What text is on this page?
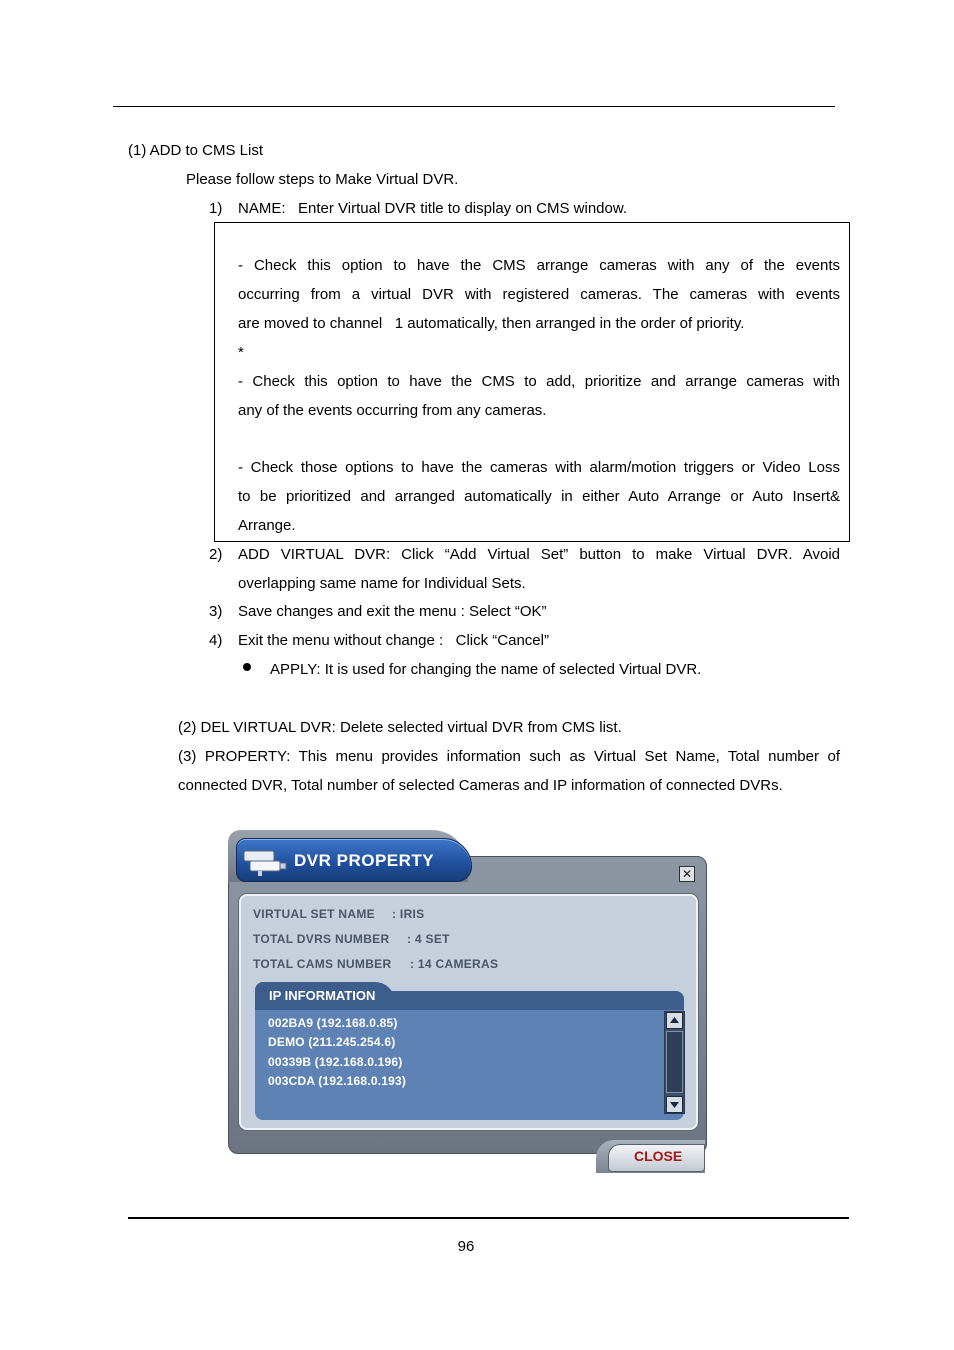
(1) ADD to CMS List
Please follow steps to Make Virtual DVR.
1) NAME:   Enter Virtual DVR title to display on CMS window.
- Check this option to have the CMS arrange cameras with any of the events
occurring from a virtual DVR with registered cameras. The cameras with events
are moved to channel   1 automatically, then arranged in the order of priority.
*
- Check this option to have the CMS to add, prioritize and arrange cameras with
any of the events occurring from any cameras.
- Check those options to have the cameras with alarm/motion triggers or Video Loss
to be prioritized and arranged automatically in either Auto Arrange or Auto Insert&
Arrange.
2) ADD VIRTUAL DVR: Click “Add Virtual Set” button to make Virtual DVR. Avoid
overlapping same name for Individual Sets.
3) Save changes and exit the menu : Select “OK”
4) Exit the menu without change :   Click “Cancel”
APPLY: It is used for changing the name of selected Virtual DVR.
(2) DEL VIRTUAL DVR: Delete selected virtual DVR from CMS list.
(3) PROPERTY: This menu provides information such as Virtual Set Name, Total number of
connected DVR, Total number of selected Cameras and IP information of connected DVRs.
DVR PROPERTY
✕
VIRTUAL SET NAME : IRIS
TOTAL DVRS NUMBER : 4 SET
TOTAL CAMS NUMBER : 14 CAMERAS
IP INFORMATION
002BA9 (192.168.0.85)
DEMO (211.245.254.6)
00339B (192.168.0.196)
003CDA (192.168.0.193)
CLOSE
96
